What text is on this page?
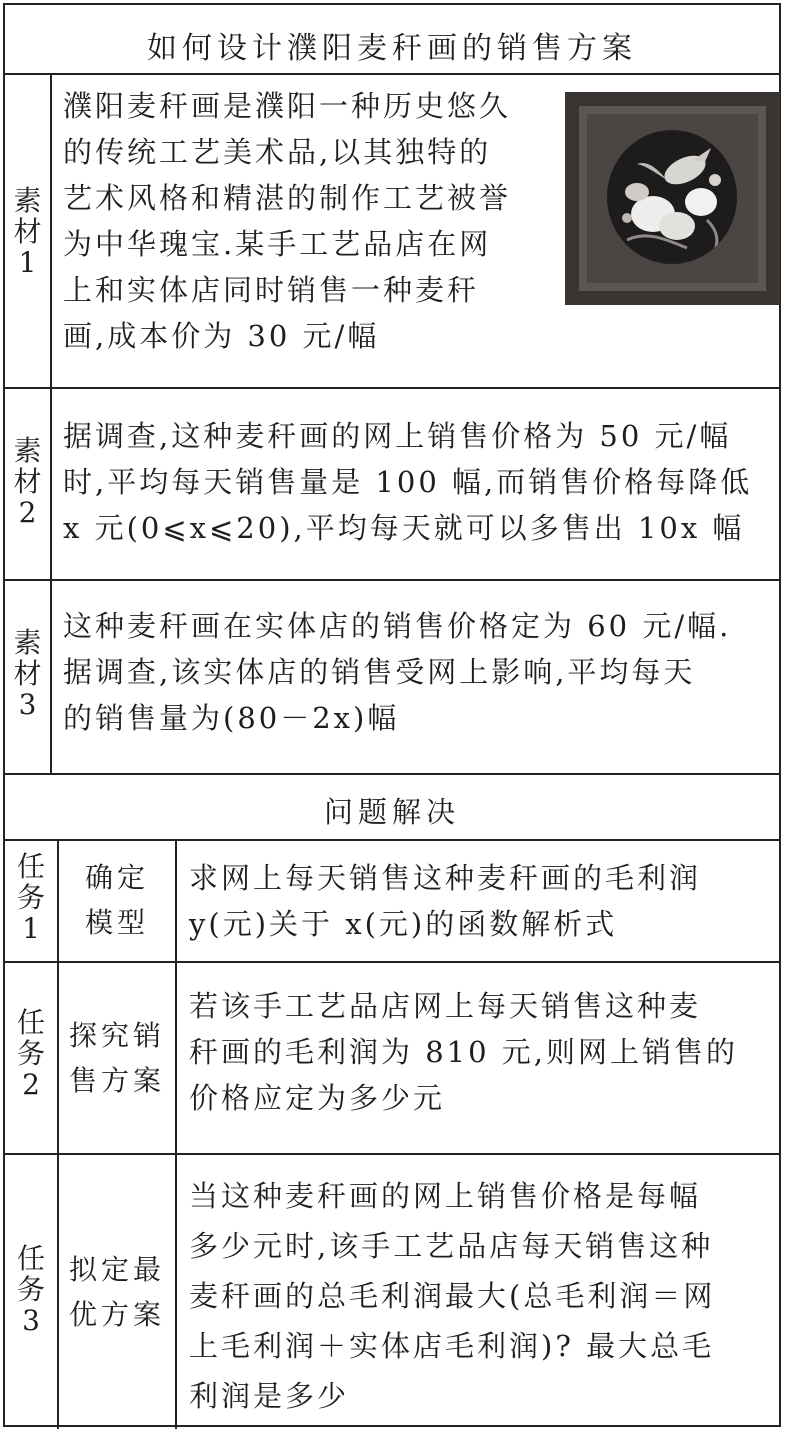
如何设计濮阳麦秆画的销售方案
素
材
1
濮阳麦秆画是濮阳一种历史悠久
的传统工艺美术品,以其独特的
艺术风格和精湛的制作工艺被誉
为中华瑰宝.某手工艺品店在网
上和实体店同时销售一种麦秆
画,成本价为 30 元/幅
素
材
2
据调查,这种麦秆画的网上销售价格为 50 元/幅
时,平均每天销售量是 100 幅,而销售价格每降低
x 元(0⩽x⩽20),平均每天就可以多售出 10x 幅
素
材
3
这种麦秆画在实体店的销售价格定为 60 元/幅.
据调查,该实体店的销售受网上影响,平均每天
的销售量为(80－2x)幅
问题解决
任
务
1
确定
模型
求网上每天销售这种麦秆画的毛利润
y(元)关于 x(元)的函数解析式
任
务
2
探究销
售方案
若该手工艺品店网上每天销售这种麦
秆画的毛利润为 810 元,则网上销售的
价格应定为多少元
任
务
3
拟定最
优方案
当这种麦秆画的网上销售价格是每幅
多少元时,该手工艺品店每天销售这种
麦秆画的总毛利润最大(总毛利润＝网
上毛利润＋实体店毛利润)? 最大总毛
利润是多少
